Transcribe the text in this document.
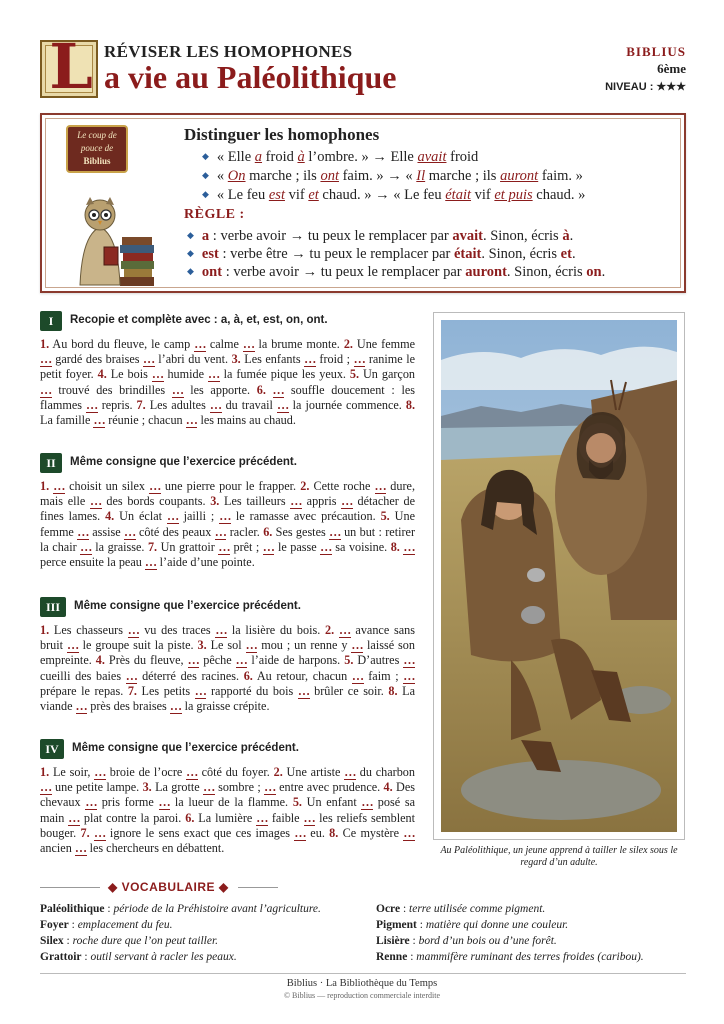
L RÉVISER LES HOMOPHONES
a vie au Paléolithique
BIBLIUS
6ème
NIVEAU : ★★★
Le coup de
pouce de
Biblius
Distinguer les homophones
◆ « Elle a froid à l’ombre. » → Elle avait froid
◆ « On marche ; ils ont faim. » → « Il marche ; ils auront faim. »
◆ « Le feu est vif et chaud. » → « Le feu était vif et puis chaud. »
RÈGLE :
◆ a : verbe avoir → tu peux le remplacer par avait. Sinon, écris à.
◆ est : verbe être → tu peux le remplacer par était. Sinon, écris et.
◆ ont : verbe avoir → tu peux le remplacer par auront. Sinon, écris on.
I	Recopie et complète avec : a, à, et, est, on, ont.
1. Au bord du fleuve, le camp … calme … la brume monte. 2. Une femme … gardé des braises … l’abri du vent. 3. Les enfants … froid ; … ranime le petit foyer. 4. Le bois … humide … la fumée pique les yeux. 5. Un garçon … trouvé des brindilles … les apporte. 6. … souffle doucement : les flammes … repris. 7. Les adultes … du travail … la journée commence. 8. La famille … réunie ; chacun … les mains au chaud.
II	Même consigne que l’exercice précédent.
1. … choisit un silex … une pierre pour le frapper. 2. Cette roche … dure, mais elle … des bords coupants. 3. Les tailleurs … appris … détacher de fines lames. 4. Un éclat … jailli ; … le ramasse avec précaution. 5. Une femme … assise … côté des peaux … racler. 6. Ses gestes … un but : retirer la chair … la graisse. 7. Un grattoir … prêt ; … le passe … sa voisine. 8. … perce ensuite la peau … l’aide d’une pointe.
III	Même consigne que l’exercice précédent.
1. Les chasseurs … vu des traces … la lisière du bois. 2. … avance sans bruit … le groupe suit la piste. 3. Le sol … mou ; un renne y … laissé son empreinte. 4. Près du fleuve, … pêche … l’aide de harpons. 5. D’autres … cueilli des baies … déterré des racines. 6. Au retour, chacun … faim ; … prépare le repas. 7. Les petits … rapporté du bois … brûler ce soir. 8. La viande … près des braises … la graisse crépite.
IV	Même consigne que l’exercice précédent.
1. Le soir, … broie de l’ocre … côté du foyer. 2. Une artiste … du charbon … une petite lampe. 3. La grotte … sombre ; … entre avec prudence. 4. Des chevaux … pris forme … la lueur de la flamme. 5. Un enfant … posé sa main … plat contre la paroi. 6. La lumière … faible … les reliefs semblent bouger. 7. … ignore le sens exact que ces images … eu. 8. Ce mystère … ancien … les chercheurs en débattent.	Au Paléolithique, un jeune apprend à tailler le silex sous le regard d’un adulte.
◆ VOCABULAIRE ◆
Paléolithique : période de la Préhistoire avant l’agriculture.
Foyer : emplacement du feu.
Silex : roche dure que l’on peut tailler.
Grattoir : outil servant à racler les peaux.
Ocre : terre utilisée comme pigment.
Pigment : matière qui donne une couleur.
Lisière : bord d’un bois ou d’une forêt.
Renne : mammifère ruminant des terres froides (caribou).
Biblius · La Bibliothèque du Temps
© Biblius — reproduction commerciale interdite
